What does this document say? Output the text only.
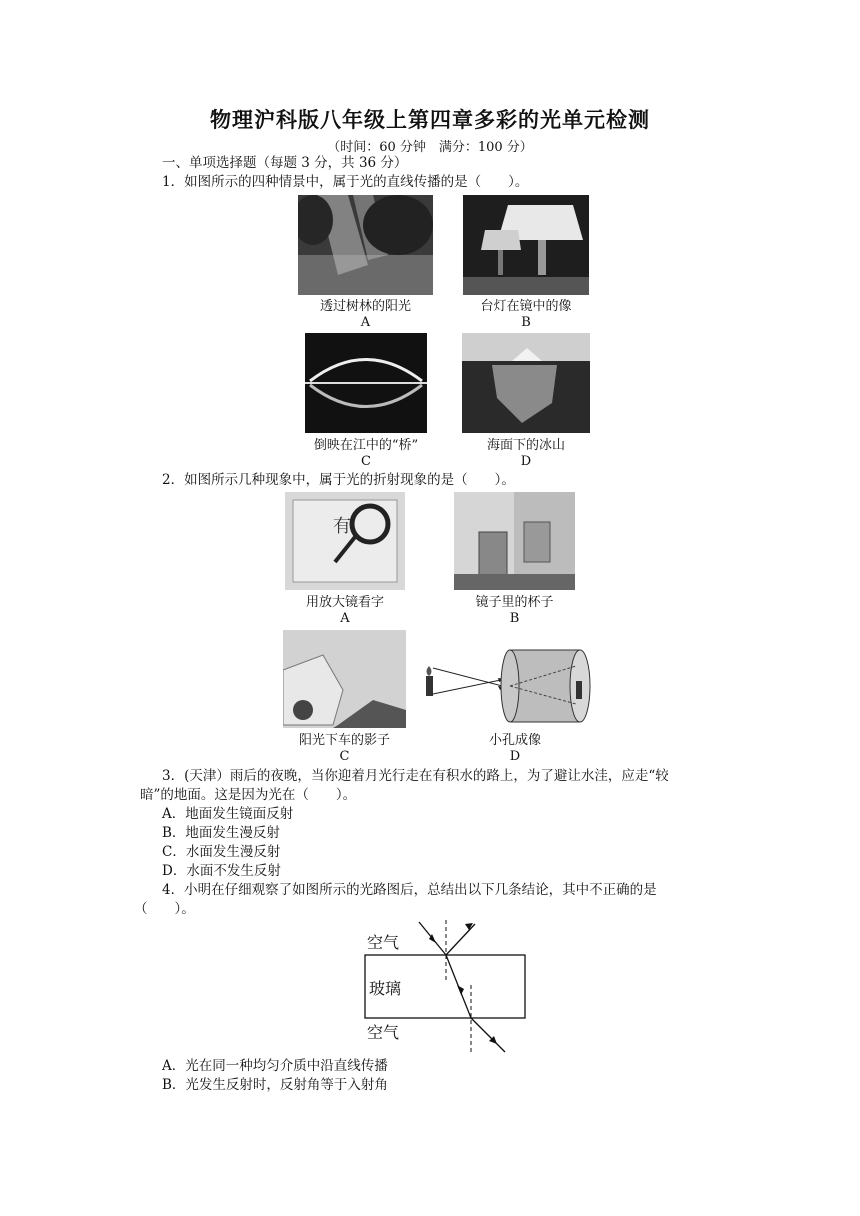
物理沪科版八年级上第四章多彩的光单元检测
（时间：60 分钟　满分：100 分）
一、单项选择题（每题 3 分，共 36 分）
1．如图所示的四种情景中，属于光的直线传播的是（　　）。
透过树林的阳光
A
台灯在镜中的像
B
倒映在江中的“桥”
C
海面下的冰山
D
2．如图所示几种现象中，属于光的折射现象的是（　　）。
有
用放大镜看字
A
镜子里的杯子
B
阳光下车的影子
C
小孔成像
D
3．(天津）雨后的夜晚，当你迎着月光行走在有积水的路上，为了避让水洼，应走“较
暗”的地面。这是因为光在（　　）。
A．地面发生镜面反射
B．地面发生漫反射
C．水面发生漫反射
D．水面不发生反射
4．小明在仔细观察了如图所示的光路图后，总结出以下几条结论，其中不正确的是
（　　）。
空气
玻璃
空气
A．光在同一种均匀介质中沿直线传播
B．光发生反射时，反射角等于入射角
